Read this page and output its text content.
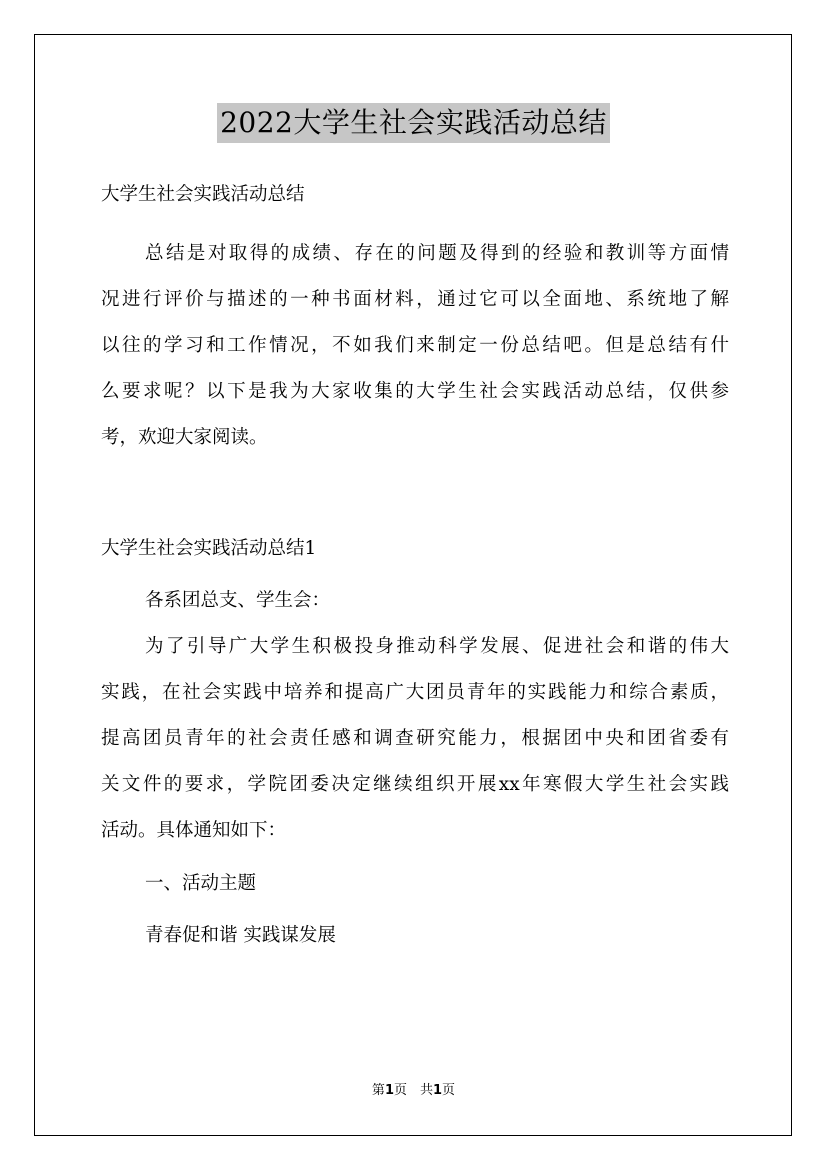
2022大学生社会实践活动总结
大学生社会实践活动总结
总结是对取得的成绩、存在的问题及得到的经验和教训等方面情
况进行评价与描述的一种书面材料，通过它可以全面地、系统地了解
以往的学习和工作情况，不如我们来制定一份总结吧。但是总结有什
么要求呢？以下是我为大家收集的大学生社会实践活动总结，仅供参
考，欢迎大家阅读。
大学生社会实践活动总结1
各系团总支、学生会：
为了引导广大学生积极投身推动科学发展、促进社会和谐的伟大
实践，在社会实践中培养和提高广大团员青年的实践能力和综合素质，
提高团员青年的社会责任感和调查研究能力，根据团中央和团省委有
关文件的要求，学院团委决定继续组织开展xx年寒假大学生社会实践
活动。具体通知如下：
一、活动主题
青春促和谐 实践谋发展
第1页　共1页
